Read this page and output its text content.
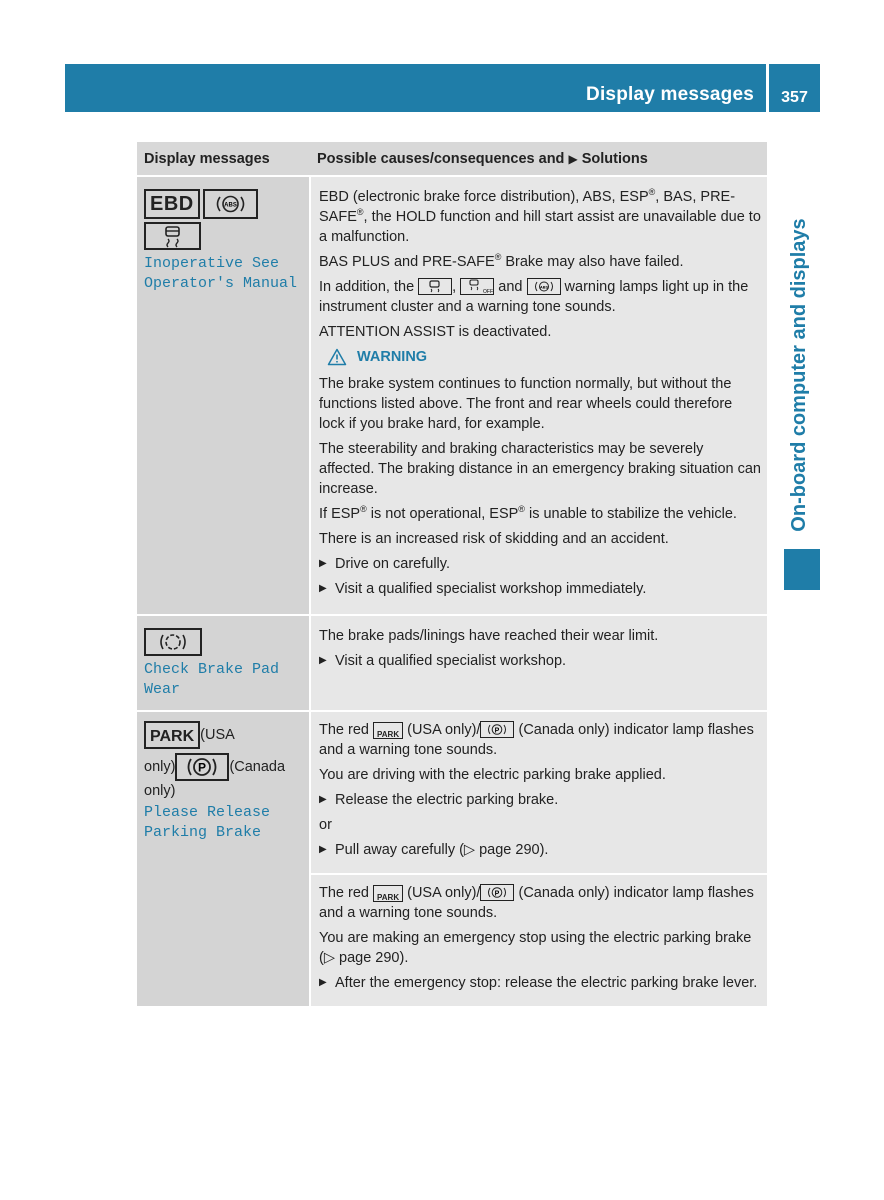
Display messages	357
On-board computer and displays
Display messages	Possible causes/consequences and ▶ Solutions
EBD	ABS
Inoperative See
Operator's Manual

EBD (electronic brake force distribution), ABS, ESP®, BAS, PRE-SAFE®, the HOLD function and hill start assist are unavailable due to a malfunction.

BAS PLUS and PRE-SAFE® Brake may also have failed.

In addition, the	,	OFF and	ABS warning lamps light up in the instrument cluster and a warning tone sounds.

ATTENTION ASSIST is deactivated.

WARNING

The brake system continues to function normally, but without the functions listed above. The front and rear wheels could therefore lock if you brake hard, for example.

The steerability and braking characteristics may be severely affected. The braking distance in an emergency braking situation can increase.

If ESP® is not operational, ESP® is unable to stabilize the vehicle.

There is an increased risk of skidding and an accident.

▶ Drive on carefully.
▶ Visit a qualified specialist workshop immediately.
Check Brake Pad
Wear

The brake pads/linings have reached their wear limit.

▶ Visit a qualified specialist workshop.
PARK (USA
only) P (Canada
only)
Please Release
Parking Brake

The red PARK (USA only)/ P (Canada only) indicator lamp flashes and a warning tone sounds.

You are driving with the electric parking brake applied.

▶ Release the electric parking brake.

or

▶ Pull away carefully (▷ page 290).

The red PARK (USA only)/ P (Canada only) indicator lamp flashes and a warning tone sounds.

You are making an emergency stop using the electric parking brake (▷ page 290).

▶ After the emergency stop: release the electric parking brake lever.
